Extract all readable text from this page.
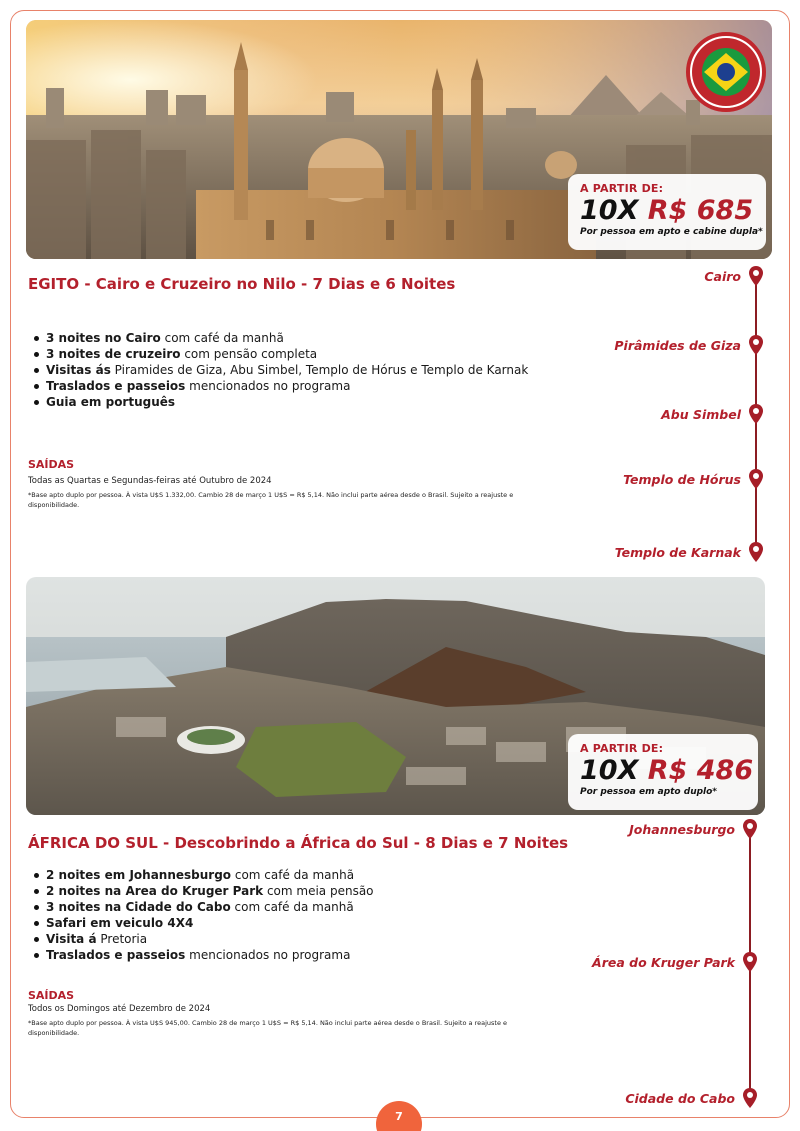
A PARTIR DE:
10X R$ 685
Por pessoa em apto e cabine dupla*
EGITO - Cairo e Cruzeiro no Nilo - 7 Dias e 6 Noites
3 noites no Cairo com café da manhã
3 noites de cruzeiro com pensão completa
Visitas ás Piramides de Giza, Abu Simbel, Templo de Hórus e Templo de Karnak
Traslados e passeios mencionados no programa
Guia em português
SAÍDAS
Todas as Quartas e Segundas-feiras até Outubro de 2024
*Base apto duplo por pessoa. À vista U$S 1.332,00. Cambio 28 de março 1 U$S = R$ 5,14. Não inclui parte aérea desde o Brasil. Sujeito a reajuste e disponibilidade.
Cairo
Pirâmides de Giza
Abu Simbel
Templo de Hórus
Templo de Karnak
A PARTIR DE:
10X R$ 486
Por pessoa em apto duplo*
ÁFRICA DO SUL - Descobrindo a África do Sul - 8 Dias e 7 Noites
2 noites em Johannesburgo com café da manhã
2 noites na Area do Kruger Park com meia pensão
3 noites na Cidade do Cabo com café da manhã
Safari em veiculo 4X4
Visita á Pretoria
Traslados e passeios mencionados no programa
SAÍDAS
Todos os Domingos até Dezembro de 2024
*Base apto duplo por pessoa. À vista U$S 945,00. Cambio 28 de março 1 U$S = R$ 5,14. Não inclui parte aérea desde o Brasil. Sujeito a reajuste e disponibilidade.
Johannesburgo
Área do Kruger Park
Cidade do Cabo
7
